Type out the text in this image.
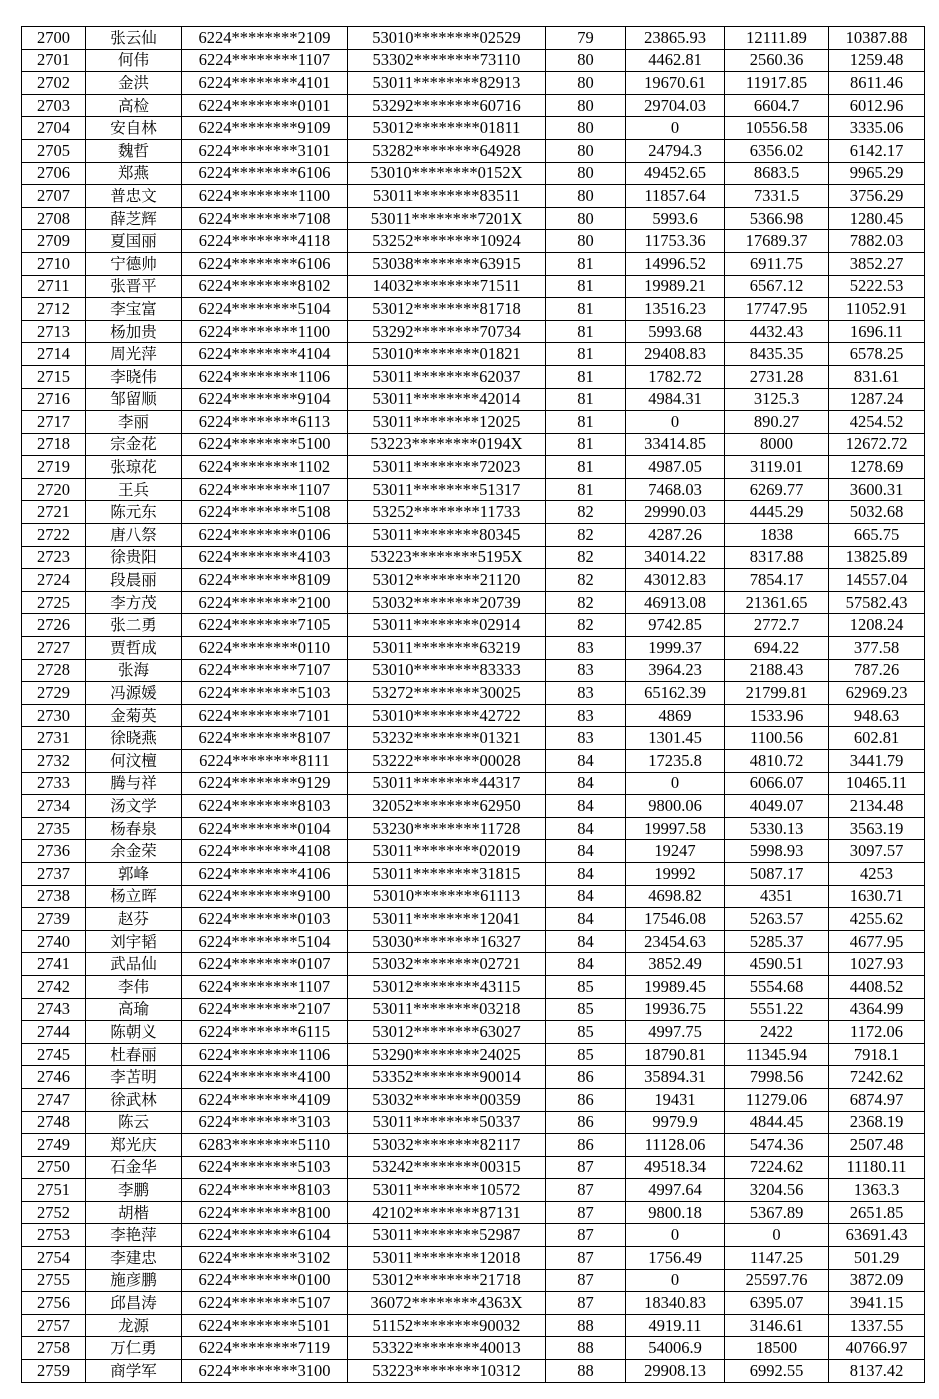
2700	张云仙	6224********2109	53010********02529	79	23865.93	12111.89	10387.88
2701	何伟	6224********1107	53302********73110	80	4462.81	2560.36	1259.48
2702	金洪	6224********4101	53011********82913	80	19670.61	11917.85	8611.46
2703	高检	6224********0101	53292********60716	80	29704.03	6604.7	6012.96
2704	安自林	6224********9109	53012********01811	80	0	10556.58	3335.06
2705	魏哲	6224********3101	53282********64928	80	24794.3	6356.02	6142.17
2706	郑燕	6224********6106	53010********0152X	80	49452.65	8683.5	9965.29
2707	普忠文	6224********1100	53011********83511	80	11857.64	7331.5	3756.29
2708	薛芝辉	6224********7108	53011********7201X	80	5993.6	5366.98	1280.45
2709	夏国丽	6224********4118	53252********10924	80	11753.36	17689.37	7882.03
2710	宁德帅	6224********6106	53038********63915	81	14996.52	6911.75	3852.27
2711	张晋平	6224********8102	14032********71511	81	19989.21	6567.12	5222.53
2712	李宝富	6224********5104	53012********81718	81	13516.23	17747.95	11052.91
2713	杨加贵	6224********1100	53292********70734	81	5993.68	4432.43	1696.11
2714	周光萍	6224********4104	53010********01821	81	29408.83	8435.35	6578.25
2715	李晓伟	6224********1106	53011********62037	81	1782.72	2731.28	831.61
2716	邹留顺	6224********9104	53011********42014	81	4984.31	3125.3	1287.24
2717	李丽	6224********6113	53011********12025	81	0	890.27	4254.52
2718	宗金花	6224********5100	53223********0194X	81	33414.85	8000	12672.72
2719	张琼花	6224********1102	53011********72023	81	4987.05	3119.01	1278.69
2720	王兵	6224********1107	53011********51317	81	7468.03	6269.77	3600.31
2721	陈元东	6224********5108	53252********11733	82	29990.03	4445.29	5032.68
2722	唐八祭	6224********0106	53011********80345	82	4287.26	1838	665.75
2723	徐贵阳	6224********4103	53223********5195X	82	34014.22	8317.88	13825.89
2724	段晨丽	6224********8109	53012********21120	82	43012.83	7854.17	14557.04
2725	李方茂	6224********2100	53032********20739	82	46913.08	21361.65	57582.43
2726	张二勇	6224********7105	53011********02914	82	9742.85	2772.7	1208.24
2727	贾哲成	6224********0110	53011********63219	83	1999.37	694.22	377.58
2728	张海	6224********7107	53010********83333	83	3964.23	2188.43	787.26
2729	冯源媛	6224********5103	53272********30025	83	65162.39	21799.81	62969.23
2730	金菊英	6224********7101	53010********42722	83	4869	1533.96	948.63
2731	徐晓燕	6224********8107	53232********01321	83	1301.45	1100.56	602.81
2732	何汶檀	6224********8111	53222********00028	84	17235.8	4810.72	3441.79
2733	腾与祥	6224********9129	53011********44317	84	0	6066.07	10465.11
2734	汤文学	6224********8103	32052********62950	84	9800.06	4049.07	2134.48
2735	杨春泉	6224********0104	53230********11728	84	19997.58	5330.13	3563.19
2736	余金荣	6224********4108	53011********02019	84	19247	5998.93	3097.57
2737	郭峰	6224********4106	53011********31815	84	19992	5087.17	4253
2738	杨立晖	6224********9100	53010********61113	84	4698.82	4351	1630.71
2739	赵芬	6224********0103	53011********12041	84	17546.08	5263.57	4255.62
2740	刘宇韬	6224********5104	53030********16327	84	23454.63	5285.37	4677.95
2741	武品仙	6224********0107	53032********02721	84	3852.49	4590.51	1027.93
2742	李伟	6224********1107	53012********43115	85	19989.45	5554.68	4408.52
2743	高瑜	6224********2107	53011********03218	85	19936.75	5551.22	4364.99
2744	陈朝义	6224********6115	53012********63027	85	4997.75	2422	1172.06
2745	杜春丽	6224********1106	53290********24025	85	18790.81	11345.94	7918.1
2746	李苫明	6224********4100	53352********90014	86	35894.31	7998.56	7242.62
2747	徐武林	6224********4109	53032********00359	86	19431	11279.06	6874.97
2748	陈云	6224********3103	53011********50337	86	9979.9	4844.45	2368.19
2749	郑光庆	6283********5110	53032********82117	86	11128.06	5474.36	2507.48
2750	石金华	6224********5103	53242********00315	87	49518.34	7224.62	11180.11
2751	李鹏	6224********8103	53011********10572	87	4997.64	3204.56	1363.3
2752	胡楷	6224********8100	42102********87131	87	9800.18	5367.89	2651.85
2753	李艳萍	6224********6104	53011********52987	87	0	0	63691.43
2754	李建忠	6224********3102	53011********12018	87	1756.49	1147.25	501.29
2755	施彦鹏	6224********0100	53012********21718	87	0	25597.76	3872.09
2756	邱昌涛	6224********5107	36072********4363X	87	18340.83	6395.07	3941.15
2757	龙源	6224********5101	51152********90032	88	4919.11	3146.61	1337.55
2758	万仁勇	6224********7119	53322********40013	88	54006.9	18500	40766.97
2759	商学军	6224********3100	53223********10312	88	29908.13	6992.55	8137.42
